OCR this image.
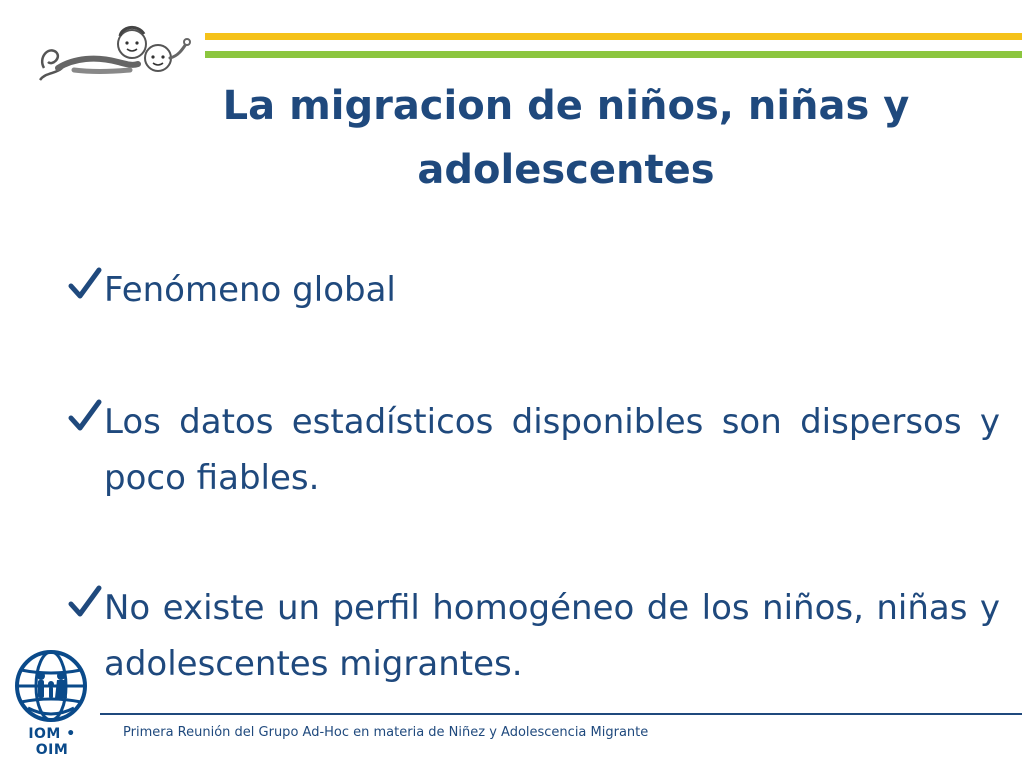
La migracion de niños, niñas y adolescentes
Fenómeno global
Los datos estadísticos disponibles son dispersos y poco fiables.
No existe un perfil homogéneo de los niños, niñas y adolescentes migrantes.
IOM • OIM
Primera Reunión del Grupo Ad-Hoc en materia de Niñez y Adolescencia Migrante
